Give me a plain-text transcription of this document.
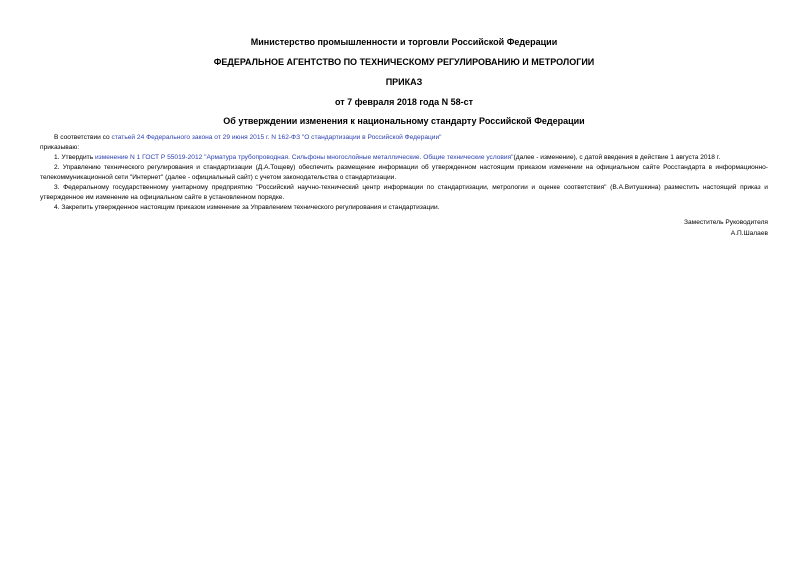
Министерство промышленности и торговли Российской Федерации
ФЕДЕРАЛЬНОЕ АГЕНТСТВО ПО ТЕХНИЧЕСКОМУ РЕГУЛИРОВАНИЮ И МЕТРОЛОГИИ
ПРИКАЗ
от 7 февраля 2018 года N 58-ст
Об утверждении изменения к национальному стандарту Российской Федерации

В соответствии со статьей 24 Федерального закона от 29 июня 2015 г. N 162-ФЗ "О стандартизации в Российской Федерации"

приказываю:

1. Утвердить изменение N 1 ГОСТ Р 55019-2012 "Арматура трубопроводная. Сильфоны многослойные металлические. Общие технические условия"(далее - изменение), с датой введения в действие 1 августа 2018 г.

2. Управлению технического регулирования и стандартизации (Д.А.Тощеву) обеспечить размещение информации об утвержденном настоящим приказом изменении на официальном сайте Росстандарта в информационно-телекоммуникационной сети "Интернет" (далее - официальный сайт) с учетом законодательства о стандартизации.

3. Федеральному государственному унитарному предприятию "Российский научно-технический центр информации по стандартизации, метрологии и оценке соответствия" (В.А.Витушкина) разместить настоящий приказ и утвержденное им изменение на официальном сайте в установленном порядке.

4. Закрепить утвержденное настоящим приказом изменение за Управлением технического регулирования и стандартизации.

Заместитель Руководителя

А.П.Шалаев
